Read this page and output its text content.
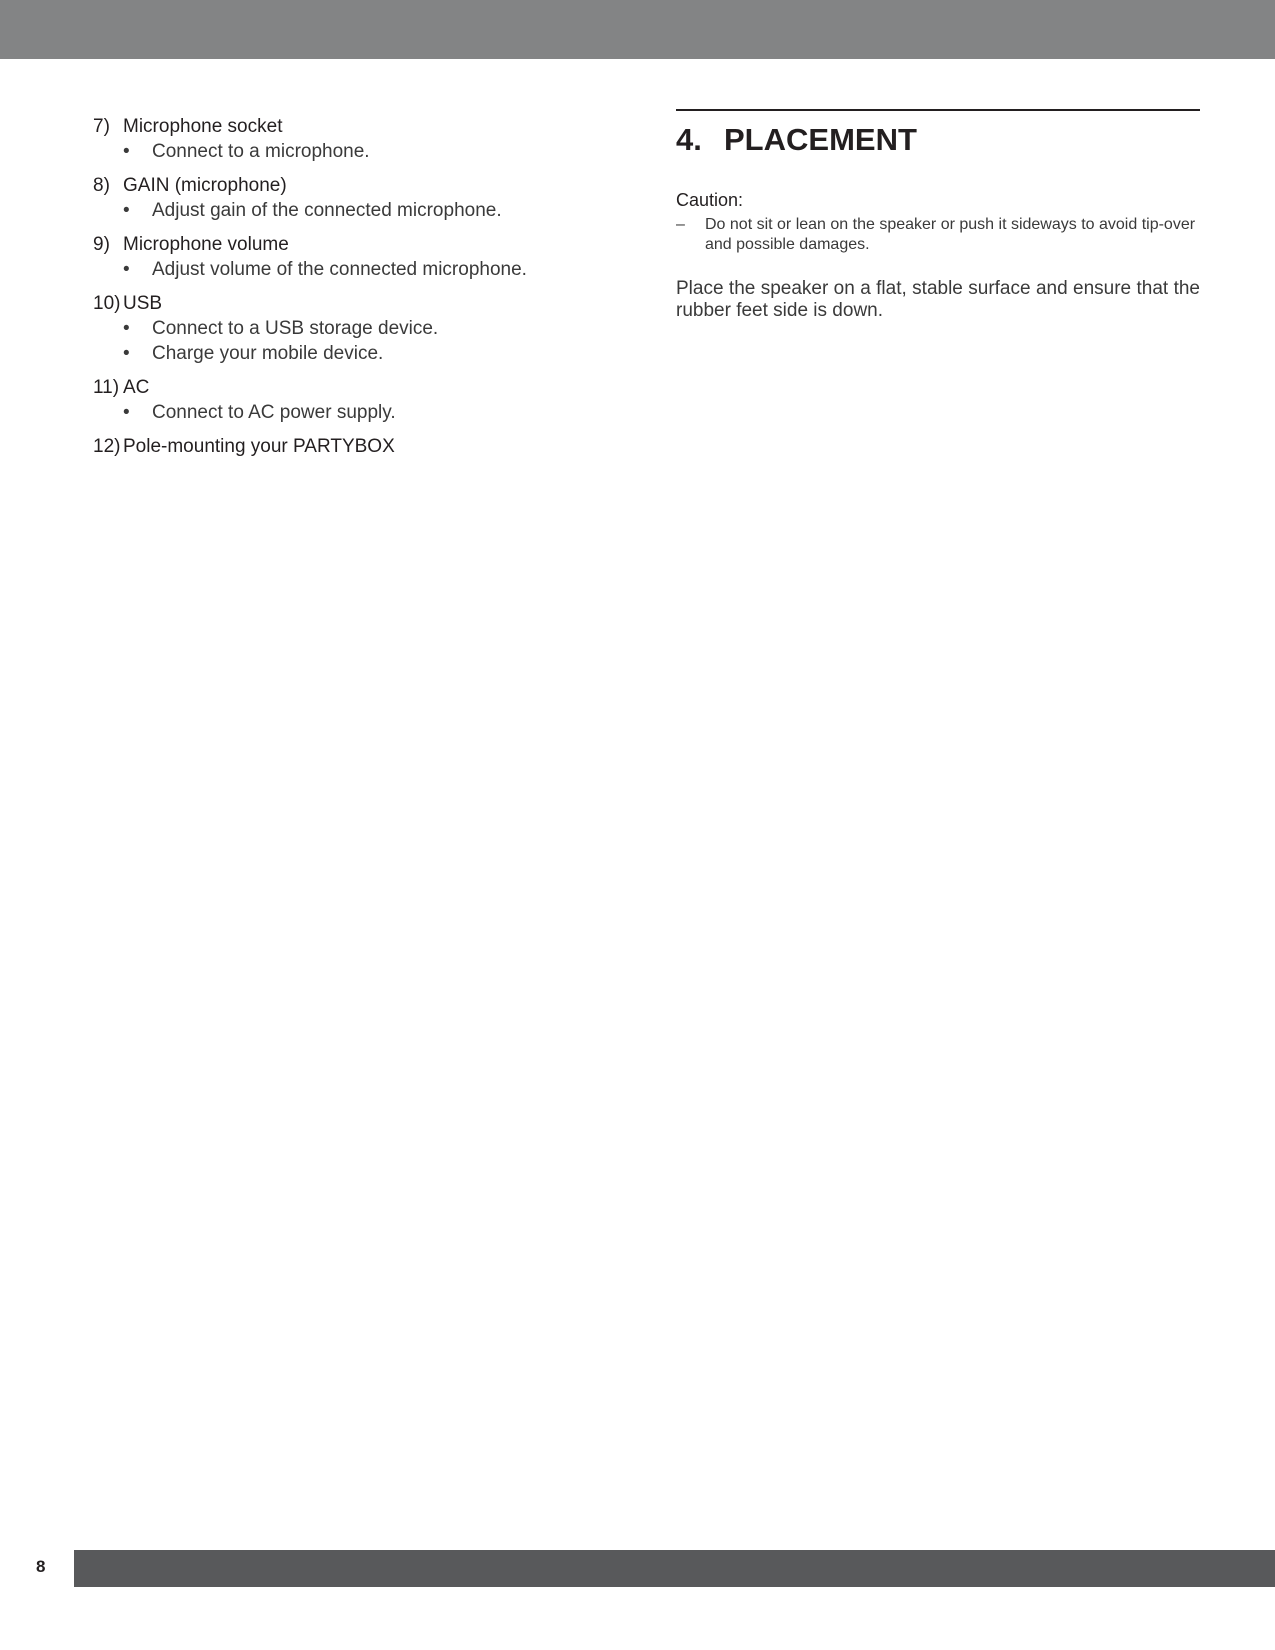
7) Microphone socket
•	Connect to a microphone.
8) GAIN (microphone)
•	Adjust gain of the connected microphone.
9) Microphone volume
•	Adjust volume of the connected microphone.
10) USB
•	Connect to a USB storage device.
•	Charge your mobile device.
11) AC
•	Connect to AC power supply.
12) Pole-mounting your PARTYBOX
4. PLACEMENT
Caution:
–	Do not sit or lean on the speaker or push it sideways to avoid tip-over and possible damages.
Place the speaker on a flat, stable surface and ensure that the rubber feet side is down.
8
